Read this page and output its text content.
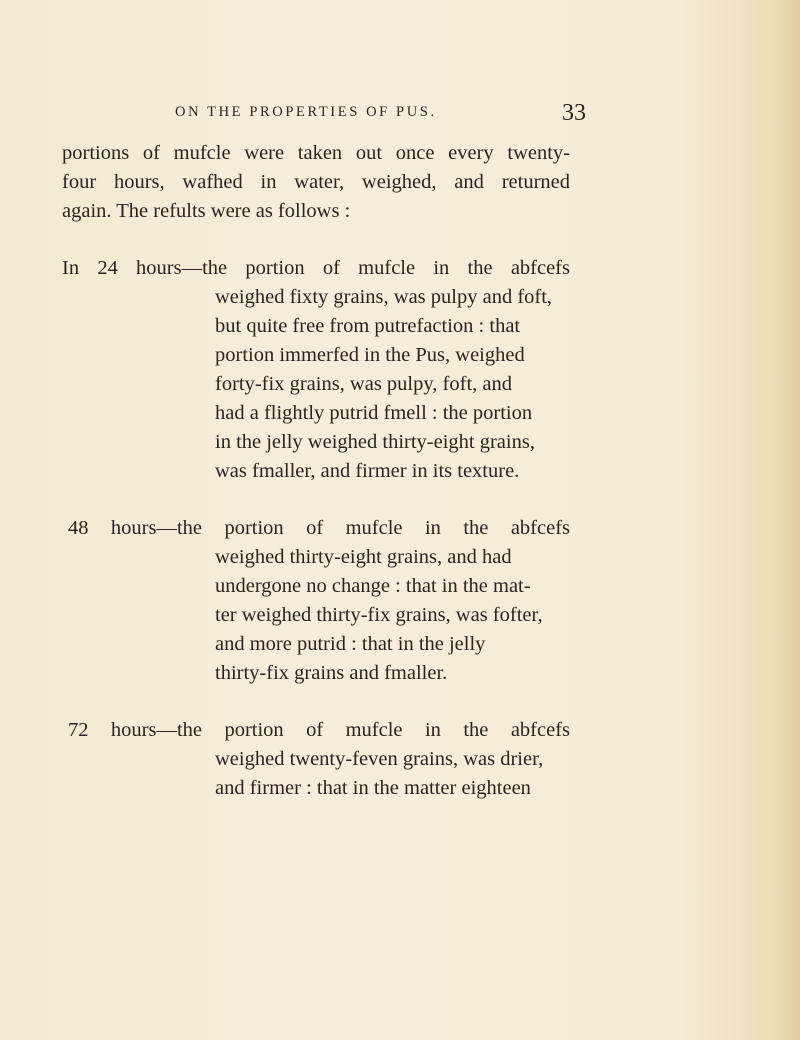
ON THE PROPERTIES OF PUS.	33

portions of mufcle were taken out once every twenty-
four hours, wafhed in water, weighed, and returned
again. The refults were as follows :

In 24 hours—the portion of mufcle in the abfcefs
weighed fixty grains, was pulpy and foft,
but quite free from putrefaction : that
portion immerfed in the Pus, weighed
forty-fix grains, was pulpy, foft, and
had a flightly putrid fmell : the portion
in the jelly weighed thirty-eight grains,
was fmaller, and firmer in its texture.

48 hours—the portion of mufcle in the abfcefs
weighed thirty-eight grains, and had
undergone no change : that in the mat-
ter weighed thirty-fix grains, was fofter,
and more putrid : that in the jelly
thirty-fix grains and fmaller.

72 hours—the portion of mufcle in the abfcefs
weighed twenty-feven grains, was drier,
and firmer : that in the matter eighteen
